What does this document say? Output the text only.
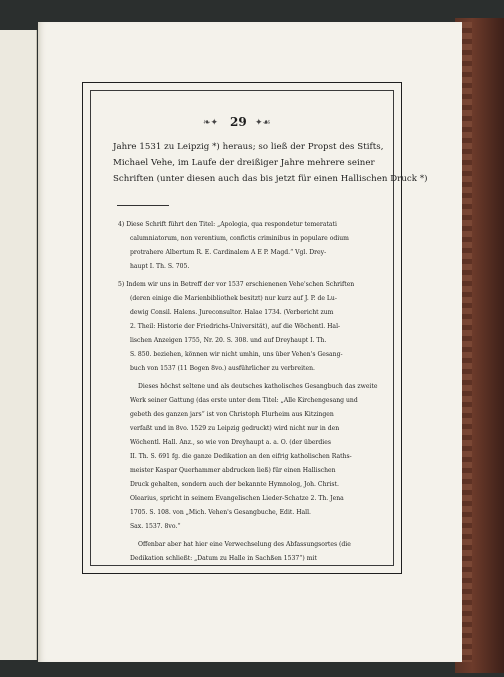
❧✦ 29 ✦☙
Jahre 1531 zu Leipzig *) heraus; so ließ der Propst des Stifts,
Michael Vehe, im Laufe der dreißiger Jahre mehrere seiner
Schriften (unter diesen auch das bis jetzt für einen Hallischen Druck *)
4) Diese Schrift führt den Titel: „Apologia, qua respondetur temeratati
calumniatorum, non verentium, confictis criminibus in populare odium
protrahere Albertum R. E. Cardinalem A E P. Magd.“ Vgl. Drey-
haupt I. Th. S. 705.
5) Indem wir uns in Betreff der vor 1537 erschienenen Vehe'schen Schriften
(deren einige die Marienbibliothek besitzt) nur kurz auf J. P. de Lu-
dewig Consil. Halens. Jureconsultor. Halae 1734. (Verbericht zum
2. Theil: Historie der Friedrichs-Universität), auf die Wöchentl. Hal-
lischen Anzeigen 1755, Nr. 20. S. 308. und auf Dreyhaupt I. Th.
S. 850. beziehen, können wir nicht umhin, uns über Vehen's Gesang-
buch von 1537 (11 Bogen 8vo.) ausführlicher zu verbreiten.
Dieses höchst seltene und als deutsches katholisches Gesangbuch das zweite
Werk seiner Gattung (das erste unter dem Titel: „Alle Kirchengesang und
gebeth des ganzen jars“ ist von Christoph Flurheim aus Kitzingen
verfaßt und in 8vo. 1529 zu Leipzig gedruckt) wird nicht nur in den
Wöchentl. Hall. Anz., so wie von Dreyhaupt a. a. O. (der überdies
II. Th. S. 691 fg. die ganze Dedikation an den eifrig katholischen Raths-
meister Kaspar Querhammer abdrucken ließ) für einen Hallischen
Druck gehalten, sondern auch der bekannte Hymnolog, Joh. Christ.
Olearius, spricht in seinem Evangelischen Lieder-Schatze 2. Th. Jena
1705. S. 108. von „Mich. Vehen's Gesangbuche, Edit. Hall.
Sax. 1537. 8vo.“
Offenbar aber hat hier eine Verwechselung des Abfassungsortes (die
Dedikation schließt: „Datum zu Halle in Sachßen 1537“) mit
